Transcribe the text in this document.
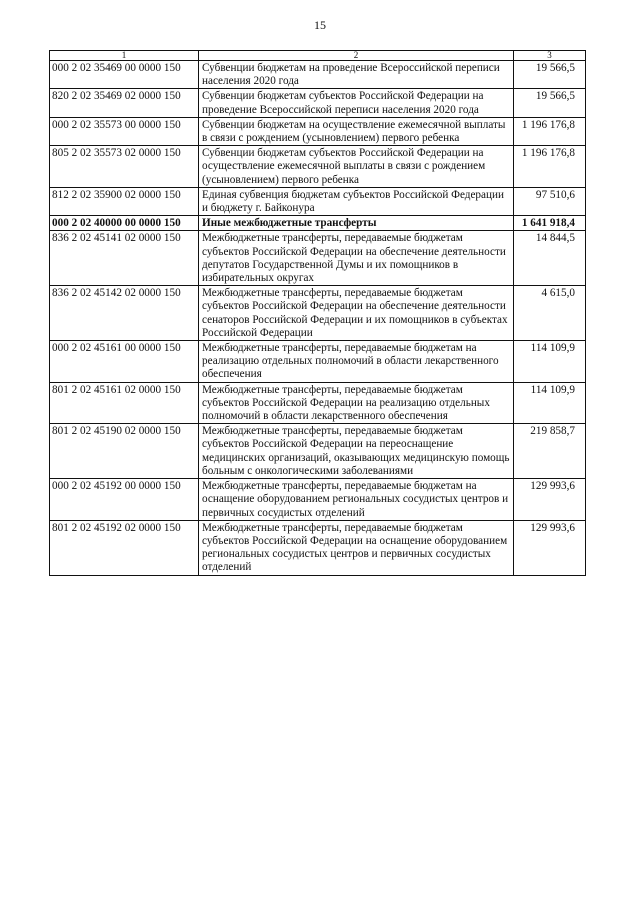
15
1	2	3
000 2 02 35469 00 0000 150	Субвенции бюджетам на проведение Всероссийской переписи населения 2020 года	19 566,5
820 2 02 35469 02 0000 150	Субвенции бюджетам субъектов Российской Федерации на проведение Всероссийской переписи населения 2020 года	19 566,5
000 2 02 35573 00 0000 150	Субвенции бюджетам на осуществление ежемесячной выплаты в связи с рождением (усыновлением) первого ребенка	1 196 176,8
805 2 02 35573 02 0000 150	Субвенции бюджетам субъектов Российской Федерации на осуществление ежемесячной выплаты в связи с рождением (усыновлением) первого ребенка	1 196 176,8
812 2 02 35900 02 0000 150	Единая субвенция бюджетам субъектов Российской Федерации и бюджету г. Байконура	97 510,6
000 2 02 40000 00 0000 150	Иные межбюджетные трансферты	1 641 918,4
836 2 02 45141 02 0000 150	Межбюджетные трансферты, передаваемые бюджетам субъектов Российской Федерации на обеспечение деятельности депутатов Государственной Думы и их помощников в избирательных округах	14 844,5
836 2 02 45142 02 0000 150	Межбюджетные трансферты, передаваемые бюджетам субъектов Российской Федерации на обеспечение деятельности сенаторов Российской Федерации и их помощников в субъектах Российской Федерации	4 615,0
000 2 02 45161 00 0000 150	Межбюджетные трансферты, передаваемые бюджетам на реализацию отдельных полномочий в области лекарственного обеспечения	114 109,9
801 2 02 45161 02 0000 150	Межбюджетные трансферты, передаваемые бюджетам субъектов Российской Федерации на реализацию отдельных полномочий в области лекарственного обеспечения	114 109,9
801 2 02 45190 02 0000 150	Межбюджетные трансферты, передаваемые бюджетам субъектов Российской Федерации на переоснащение медицинских организаций, оказывающих медицинскую помощь больным с онкологическими заболеваниями	219 858,7
000 2 02 45192 00 0000 150	Межбюджетные трансферты, передаваемые бюджетам на оснащение оборудованием региональных сосудистых центров и первичных сосудистых отделений	129 993,6
801 2 02 45192 02 0000 150	Межбюджетные трансферты, передаваемые бюджетам субъектов Российской Федерации на оснащение оборудованием региональных сосудистых центров и первичных сосудистых отделений	129 993,6
